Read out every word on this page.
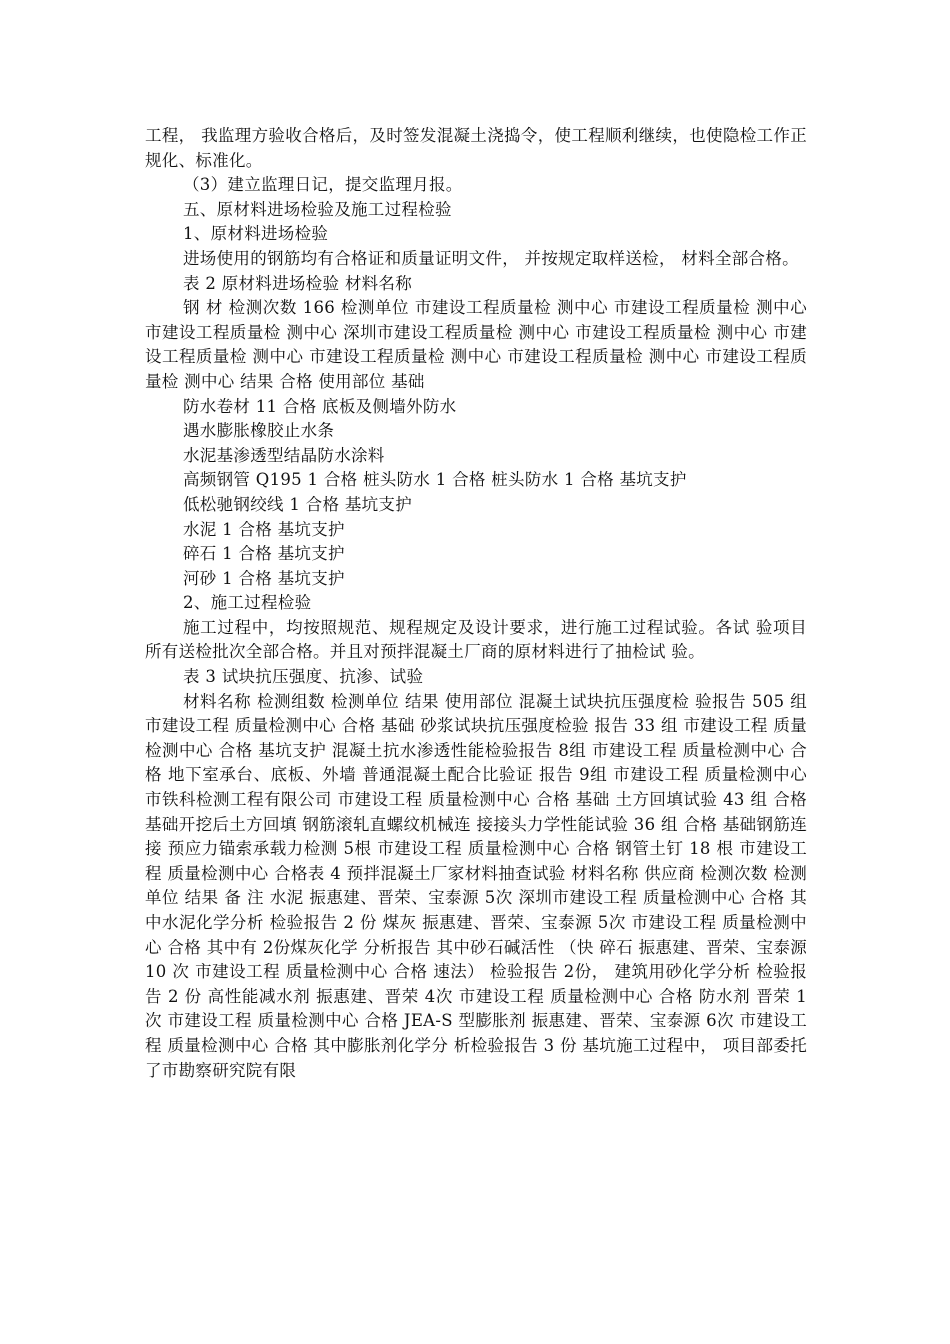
工程， 我监理方验收合格后，及时签发混凝土浇捣令，使工程顺利继续，也使隐检工作正规化、标准化。

（3）建立监理日记，提交监理月报。

五、原材料进场检验及施工过程检验

1、原材料进场检验

进场使用的钢筋均有合格证和质量证明文件， 并按规定取样送检， 材料全部合格。

表 2 原材料进场检验 材料名称

钢 材 检测次数 166 检测单位 市建设工程质量检 测中心 市建设工程质量检 测中心 市建设工程质量检 测中心 深圳市建设工程质量检 测中心 市建设工程质量检 测中心 市建设工程质量检 测中心 市建设工程质量检 测中心 市建设工程质量检 测中心 市建设工程质量检 测中心 结果 合格 使用部位 基础

防水卷材 11 合格 底板及侧墙外防水

遇水膨胀橡胶止水条

水泥基渗透型结晶防水涂料

高频钢管 Q195 1 合格 桩头防水 1 合格 桩头防水 1 合格 基坑支护

低松驰钢绞线 1 合格 基坑支护

水泥 1 合格 基坑支护

碎石 1 合格 基坑支护

河砂 1 合格 基坑支护

2、施工过程检验

施工过程中，均按照规范、规程规定及设计要求，进行施工过程试验。各试 验项目所有送检批次全部合格。并且对预拌混凝土厂商的原材料进行了抽检试 验。

表 3 试块抗压强度、抗渗、试验

材料名称 检测组数 检测单位 结果 使用部位 混凝土试块抗压强度检 验报告 505 组 市建设工程 质量检测中心 合格 基础 砂浆试块抗压强度检验 报告 33 组 市建设工程 质量检测中心 合格 基坑支护 混凝土抗水渗透性能检验报告 8组 市建设工程 质量检测中心 合格 地下室承台、底板、外墙 普通混凝土配合比验证 报告 9组 市建设工程 质量检测中心 市铁科检测工程有限公司 市建设工程 质量检测中心 合格 基础 土方回填试验 43 组 合格 基础开挖后土方回填 钢筋滚轧直螺纹机械连 接接头力学性能试验 36 组 合格 基础钢筋连接 预应力锚索承载力检测 5根 市建设工程 质量检测中心 合格 钢管土钉 18 根 市建设工程 质量检测中心 合格表 4 预拌混凝土厂家材料抽查试验 材料名称 供应商 检测次数 检测单位 结果 备 注 水泥 振惠建、晋荣、宝泰源 5次 深圳市建设工程 质量检测中心 合格 其中水泥化学分析 检验报告 2 份 煤灰 振惠建、晋荣、宝泰源 5次 市建设工程 质量检测中心 合格 其中有 2份煤灰化学 分析报告 其中砂石碱活性 （快 碎石 振惠建、晋荣、宝泰源 10 次 市建设工程 质量检测中心 合格 速法） 检验报告 2份， 建筑用砂化学分析 检验报告 2 份 高性能减水剂 振惠建、晋荣 4次 市建设工程 质量检测中心 合格 防水剂 晋荣 1次 市建设工程 质量检测中心 合格 JEA-S 型膨胀剂 振惠建、晋荣、宝泰源 6次 市建设工程 质量检测中心 合格 其中膨胀剂化学分 析检验报告 3 份 基坑施工过程中， 项目部委托了市勘察研究院有限
